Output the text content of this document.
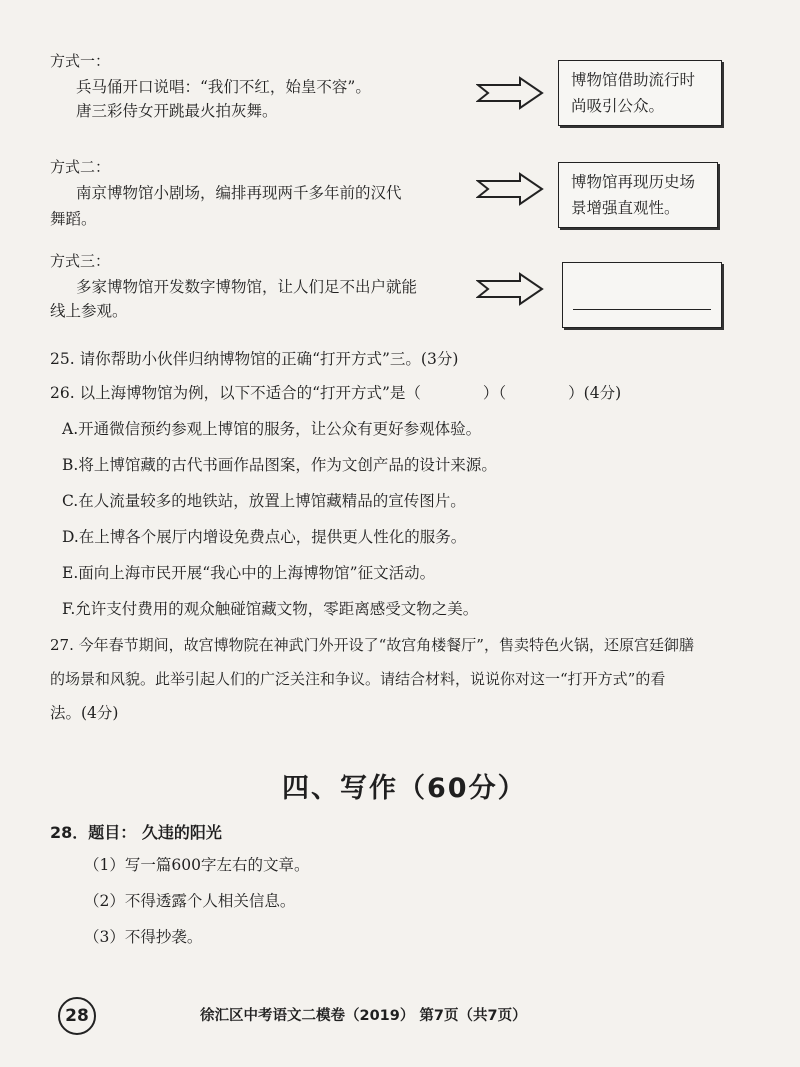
方式一：
兵马俑开口说唱：“我们不红，始皇不容”。
唐三彩侍女开跳最火拍灰舞。
博物馆借助流行时
尚吸引公众。
方式二：
南京博物馆小剧场，编排再现两千多年前的汉代
舞蹈。
博物馆再现历史场
景增强直观性。
方式三：
多家博物馆开发数字博物馆，让人们足不出户就能
线上参观。
25. 请你帮助小伙伴归纳博物馆的正确“打开方式”三。(3分)
26. 以上海博物馆为例，以下不适合的“打开方式”是（　　　　）（　　　　）(4分)
A.开通微信预约参观上博馆的服务，让公众有更好参观体验。
B.将上博馆藏的古代书画作品图案，作为文创产品的设计来源。
C.在人流量较多的地铁站，放置上博馆藏精品的宣传图片。
D.在上博各个展厅内增设免费点心，提供更人性化的服务。
E.面向上海市民开展“我心中的上海博物馆”征文活动。
F.允许支付费用的观众触碰馆藏文物，零距离感受文物之美。
27. 今年春节期间，故宫博物院在神武门外开设了“故宫角楼餐厅”，售卖特色火锅，还原宫廷御膳
的场景和风貌。此举引起人们的广泛关注和争议。请结合材料，说说你对这一“打开方式”的看
法。(4分)
四、写作（60分）
28．题目： 久违的阳光
（1）写一篇600字左右的文章。
（2）不得透露个人相关信息。
（3）不得抄袭。
28	徐汇区中考语文二模卷（2019） 第7页（共7页）
